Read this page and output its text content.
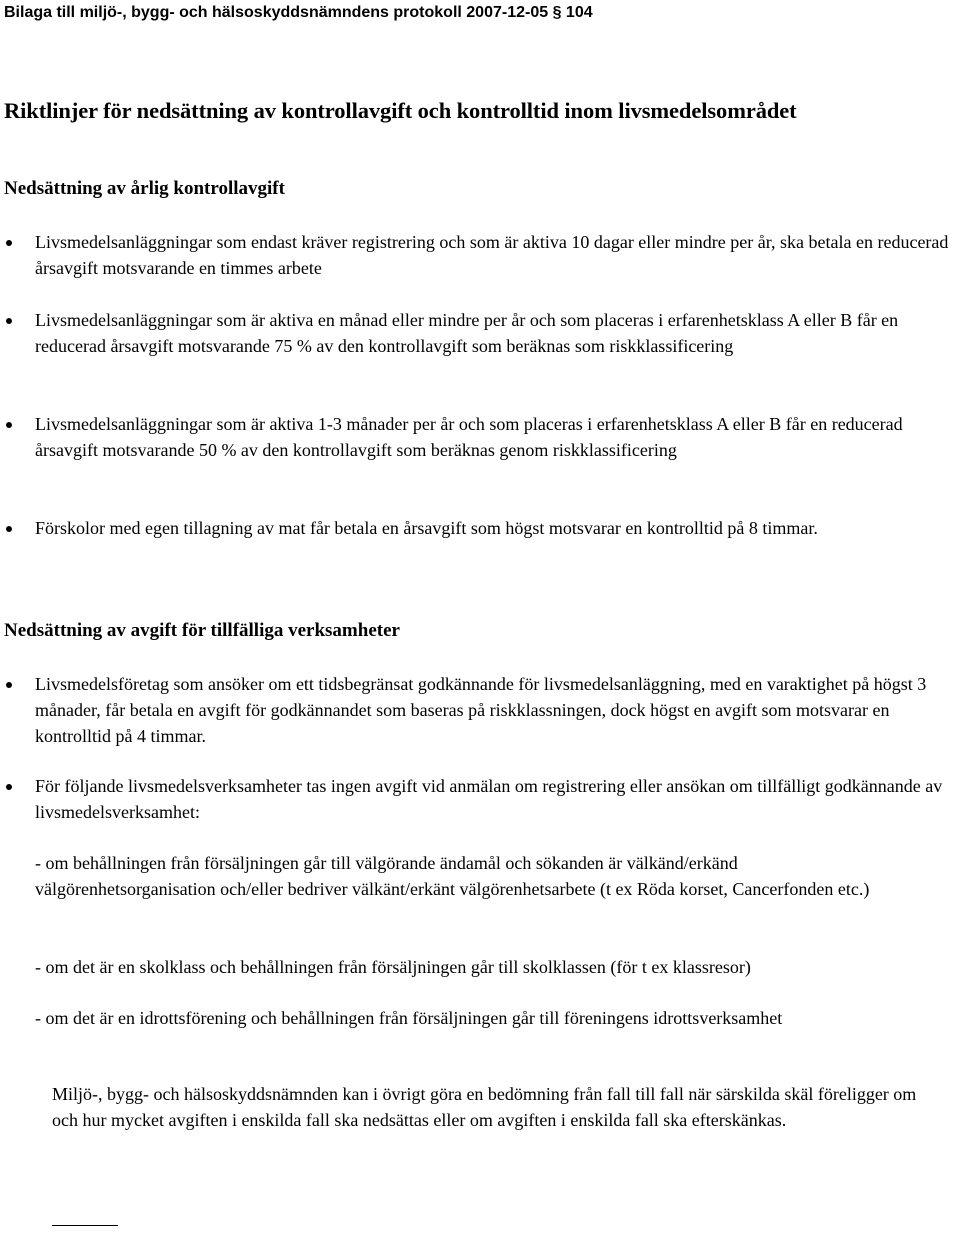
Bilaga till miljö-, bygg- och hälsoskyddsnämndens protokoll 2007-12-05 § 104
Riktlinjer för nedsättning av kontrollavgift och kontrolltid inom livsmedelsområdet
Nedsättning av årlig kontrollavgift
Livsmedelsanläggningar som endast kräver registrering och som är aktiva 10 dagar eller mindre per år, ska betala en reducerad årsavgift motsvarande en timmes arbete
Livsmedelsanläggningar som är aktiva en månad eller mindre per år och som placeras i erfarenhetsklass A eller B får en reducerad årsavgift motsvarande 75 % av den kontrollavgift som beräknas som riskklassificering
Livsmedelsanläggningar som är aktiva 1-3 månader per år och som placeras i erfarenhetsklass A eller B får en reducerad årsavgift motsvarande 50 % av den kontrollavgift som beräknas genom riskklassificering
Förskolor med egen tillagning av mat får betala en årsavgift som högst motsvarar en kontrolltid på 8 timmar.
Nedsättning av avgift för tillfälliga verksamheter
Livsmedelsföretag som ansöker om ett tidsbegränsat godkännande för livsmedelsanläggning, med en varaktighet på högst 3 månader, får betala en avgift för godkännandet som baseras på riskklassningen, dock högst en avgift som motsvarar en kontrolltid på 4 timmar.
För följande livsmedelsverksamheter tas ingen avgift vid anmälan om registrering eller ansökan om tillfälligt godkännande av livsmedelsverksamhet:
- om behållningen från försäljningen går till välgörande ändamål och sökanden är välkänd/erkänd välgörenhetsorganisation och/eller bedriver välkänt/erkänt välgörenhetsarbete (t ex Röda korset, Cancerfonden etc.)
- om det är en skolklass och behållningen från försäljningen går till skolklassen (för t ex klassresor)
- om det är en idrottsförening och behållningen från försäljningen går till föreningens idrottsverksamhet
Miljö-, bygg- och hälsoskyddsnämnden kan i övrigt göra en bedömning från fall till fall när särskilda skäl föreligger om och hur mycket avgiften i enskilda fall ska nedsättas eller om avgiften i enskilda fall ska efterskänkas.
